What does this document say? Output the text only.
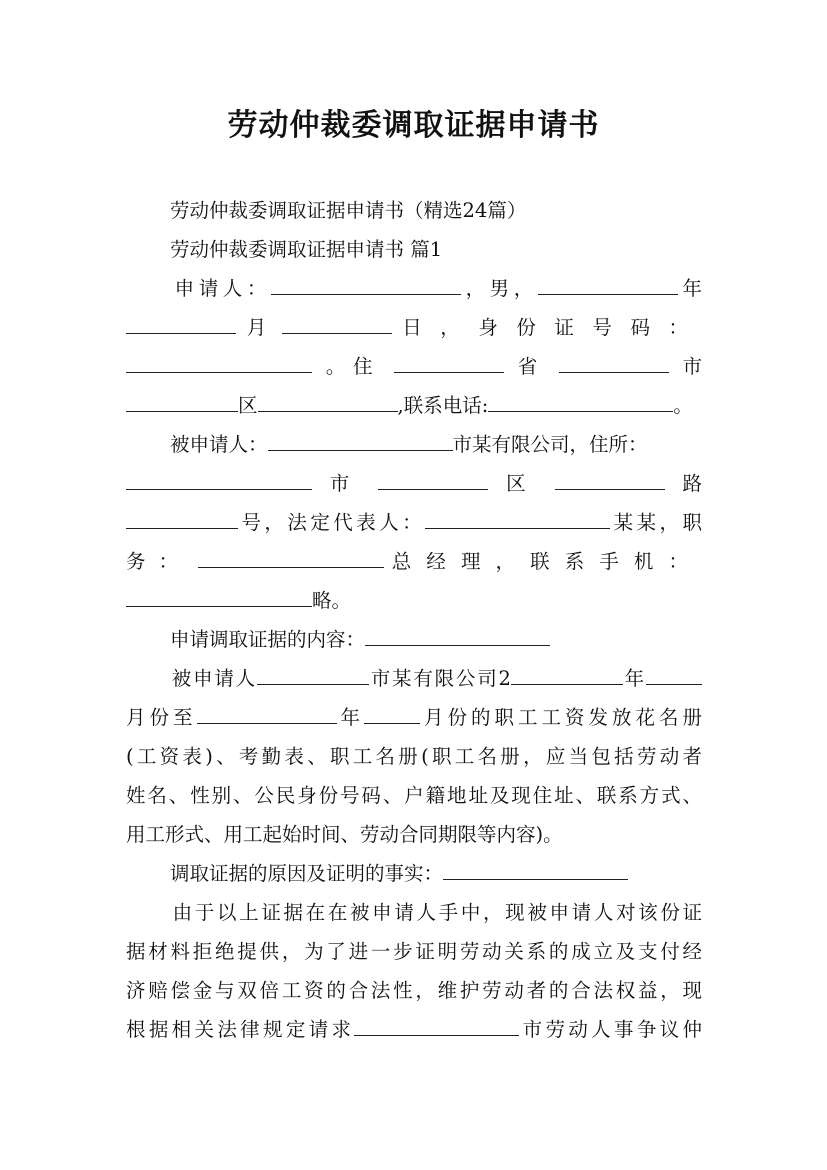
劳动仲裁委调取证据申请书
劳动仲裁委调取证据申请书（精选24篇）
劳动仲裁委调取证据申请书 篇1
申请人：	，男，	年
月	日，身份证号码：
。住	省	市
区	,联系电话:	。
被申请人：	市某有限公司，住所：
市	区	路
号，法定代表人：	某某，职
务：	总经理，联系手机：
略。
申请调取证据的内容：
被申请人	市某有限公司2	年
月份至	年	月份的职工工资发放花名册
(工资表)、考勤表、职工名册(职工名册，应当包括劳动者
姓名、性别、公民身份号码、户籍地址及现住址、联系方式、
用工形式、用工起始时间、劳动合同期限等内容)。
调取证据的原因及证明的事实：
由于以上证据在在被申请人手中，现被申请人对该份证
据材料拒绝提供，为了进一步证明劳动关系的成立及支付经
济赔偿金与双倍工资的合法性，维护劳动者的合法权益，现
根据相关法律规定请求	市劳动人事争议仲
